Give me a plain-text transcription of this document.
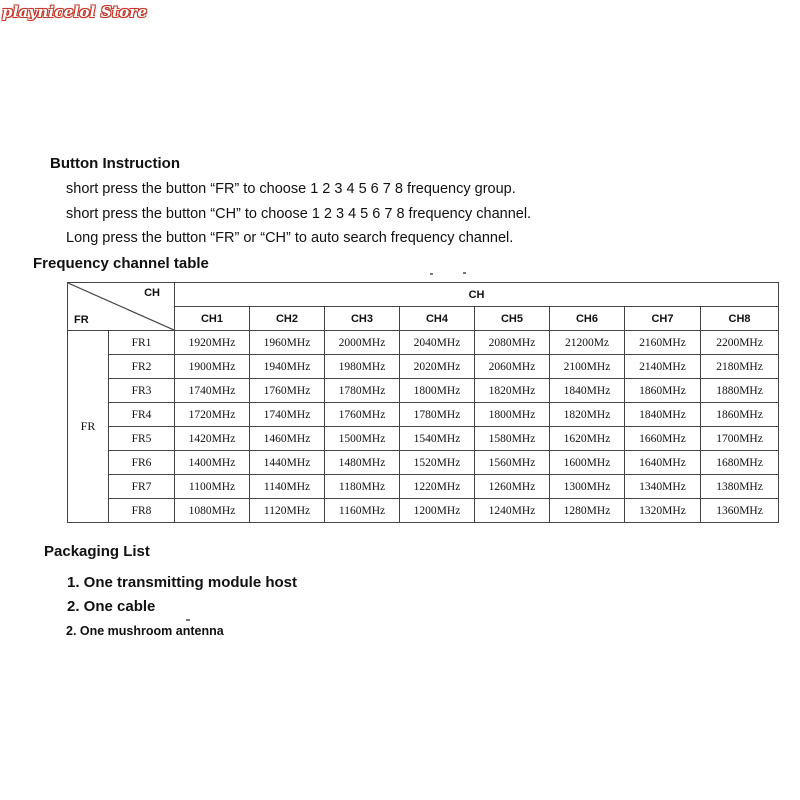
playnicelol Store
Button Instruction

short press the button “FR” to choose 1 2 3 4 5 6 7 8 frequency group.

short press the button “CH” to choose 1 2 3 4 5 6 7 8 frequency channel.

Long press the button “FR” or “CH” to auto search frequency channel.

Frequency channel table
CH
FR		CH							
		CH1	CH2	CH3	CH4	CH5	CH6	CH7	CH8
FR	FR1	1920MHz	1960MHz	2000MHz	2040MHz	2080MHz	21200Mz	2160MHz	2200MHz
	FR2	1900MHz	1940MHz	1980MHz	2020MHz	2060MHz	2100MHz	2140MHz	2180MHz
	FR3	1740MHz	1760MHz	1780MHz	1800MHz	1820MHz	1840MHz	1860MHz	1880MHz
	FR4	1720MHz	1740MHz	1760MHz	1780MHz	1800MHz	1820MHz	1840MHz	1860MHz
	FR5	1420MHz	1460MHz	1500MHz	1540MHz	1580MHz	1620MHz	1660MHz	1700MHz
	FR6	1400MHz	1440MHz	1480MHz	1520MHz	1560MHz	1600MHz	1640MHz	1680MHz
	FR7	1100MHz	1140MHz	1180MHz	1220MHz	1260MHz	1300MHz	1340MHz	1380MHz
	FR8	1080MHz	1120MHz	1160MHz	1200MHz	1240MHz	1280MHz	1320MHz	1360MHz
Packaging List

1. One transmitting module host

2. One cable

2. One mushroom antenna
